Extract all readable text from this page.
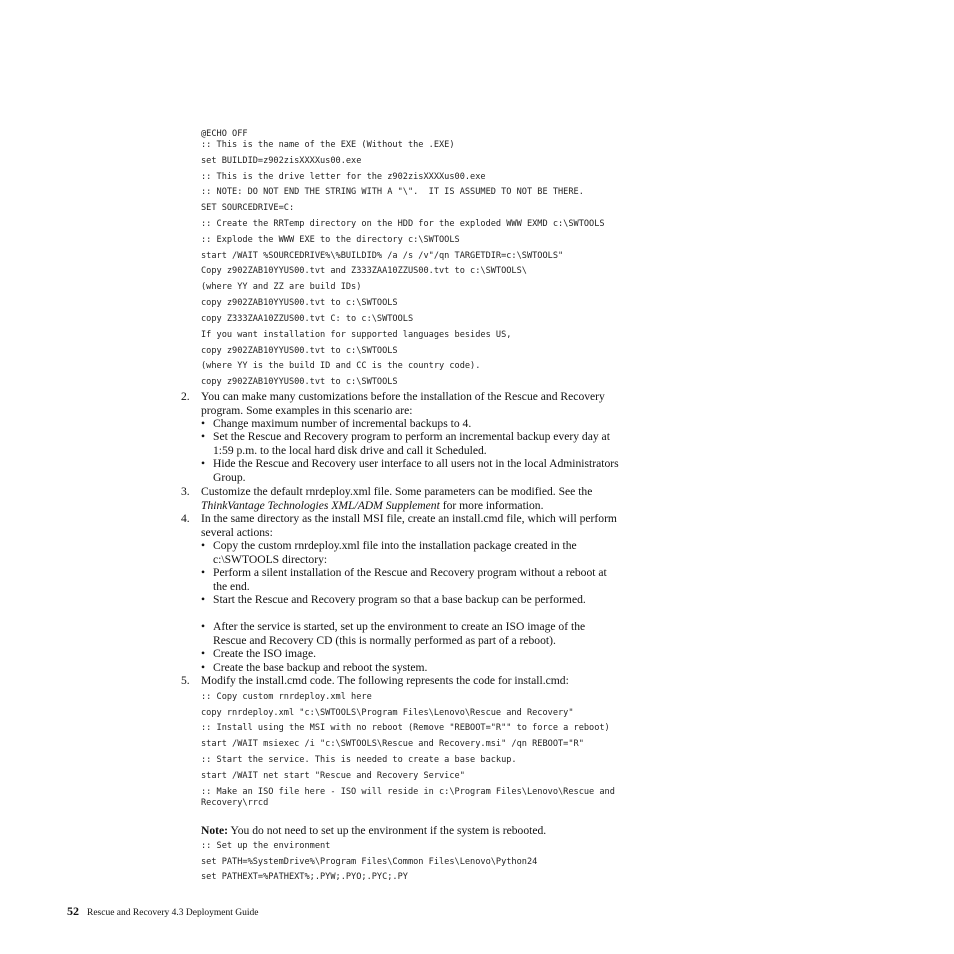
@ECHO OFF
:: This is the name of the EXE (Without the .EXE)
set BUILDID=z902zisXXXXus00.exe
:: This is the drive letter for the z902zisXXXXus00.exe
:: NOTE: DO NOT END THE STRING WITH A "\".  IT IS ASSUMED TO NOT BE THERE.
SET SOURCEDRIVE=C:
:: Create the RRTemp directory on the HDD for the exploded WWW EXMD c:\SWTOOLS
:: Explode the WWW EXE to the directory c:\SWTOOLS
start /WAIT %SOURCEDRIVE%\%BUILDID% /a /s /v"/qn TARGETDIR=c:\SWTOOLS"
Copy z902ZAB10YYUS00.tvt and Z333ZAA10ZZUS00.tvt to c:\SWTOOLS\
(where YY and ZZ are build IDs)
copy z902ZAB10YYUS00.tvt to c:\SWTOOLS
copy Z333ZAA10ZZUS00.tvt C: to c:\SWTOOLS
If you want installation for supported languages besides US,
copy z902ZAB10YYUS00.tvt to c:\SWTOOLS
(where YY is the build ID and CC is the country code).
copy z902ZAB10YYUS00.tvt to c:\SWTOOLS
2. You can make many customizations before the installation of the Rescue and Recovery program. Some examples in this scenario are:
• Change maximum number of incremental backups to 4.
• Set the Rescue and Recovery program to perform an incremental backup every day at 1:59 p.m. to the local hard disk drive and call it Scheduled.
• Hide the Rescue and Recovery user interface to all users not in the local Administrators Group.
3. Customize the default rnrdeploy.xml file. Some parameters can be modified. See the ThinkVantage Technologies XML/ADM Supplement for more information.
4. In the same directory as the install MSI file, create an install.cmd file, which will perform several actions:
• Copy the custom rnrdeploy.xml file into the installation package created in the c:\SWTOOLS directory:
• Perform a silent installation of the Rescue and Recovery program without a reboot at the end.
• Start the Rescue and Recovery program so that a base backup can be performed.
• After the service is started, set up the environment to create an ISO image of the Rescue and Recovery CD (this is normally performed as part of a reboot).
• Create the ISO image.
• Create the base backup and reboot the system.
5. Modify the install.cmd code. The following represents the code for install.cmd:
:: Copy custom rnrdeploy.xml here
copy rnrdeploy.xml "c:\SWTOOLS\Program Files\Lenovo\Rescue and Recovery"
:: Install using the MSI with no reboot (Remove "REBOOT="R"" to force a reboot)
start /WAIT msiexec /i "c:\SWTOOLS\Rescue and Recovery.msi" /qn REBOOT="R"
:: Start the service. This is needed to create a base backup.
start /WAIT net start "Rescue and Recovery Service"
:: Make an ISO file here - ISO will reside in c:\Program Files\Lenovo\Rescue and Recovery\rrcd
Note: You do not need to set up the environment if the system is rebooted.
:: Set up the environment
set PATH=%SystemDrive%\Program Files\Common Files\Lenovo\Python24
set PATHEXT=%PATHEXT%;.PYW;.PYO;.PYC;.PY
52 Rescue and Recovery 4.3 Deployment Guide
